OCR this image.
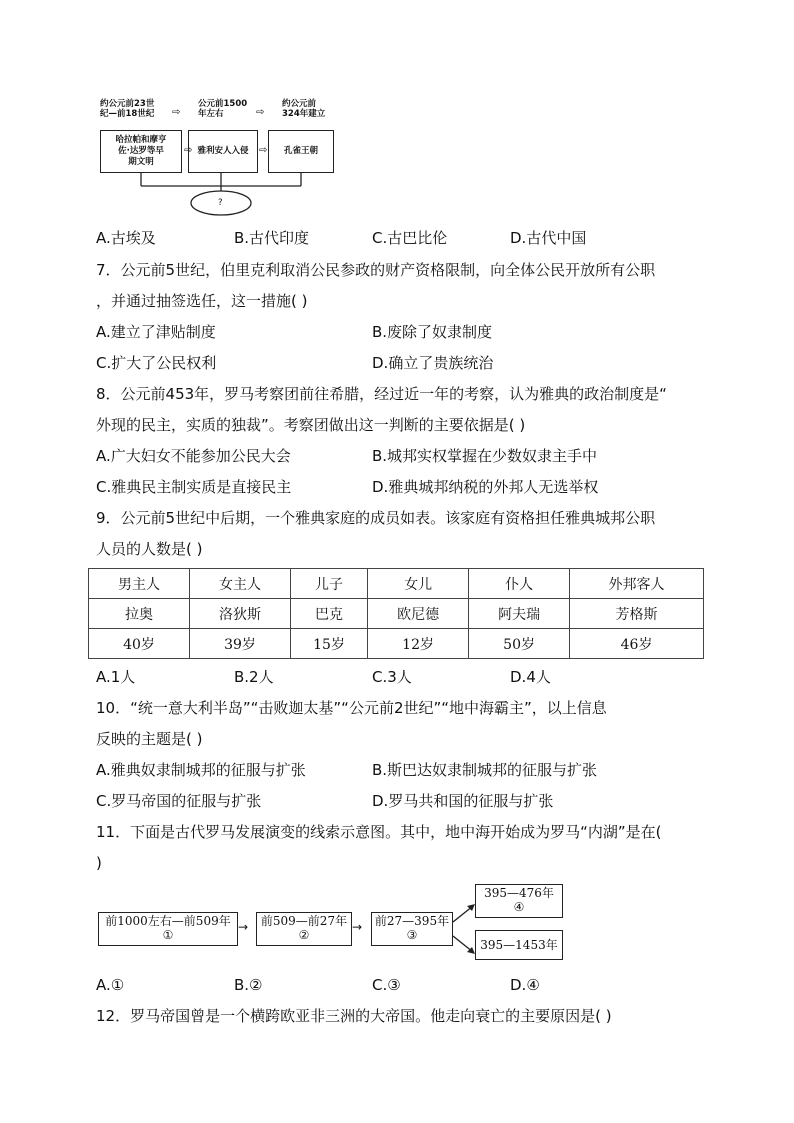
约公元前23世
纪—前18世纪 ⇨
公元前1500
年左右	⇨
约公元前
324年建立
哈拉帕和摩亨
佐·达罗等早
期文明
⇨ 雅利安人入侵	⇨	孔雀王朝
?
A.古埃及	B.古代印度	C.古巴比伦	D.古代中国
7．公元前5世纪，伯里克利取消公民参政的财产资格限制，向全体公民开放所有公职
，并通过抽签选任，这一措施( )
A.建立了津贴制度	B.废除了奴隶制度
C.扩大了公民权利	D.确立了贵族统治
8．公元前453年，罗马考察团前往希腊，经过近一年的考察，认为雅典的政治制度是“
外现的民主，实质的独裁”。考察团做出这一判断的主要依据是( )
A.广大妇女不能参加公民大会	B.城邦实权掌握在少数奴隶主手中
C.雅典民主制实质是直接民主	D.雅典城邦纳税的外邦人无选举权
9．公元前5世纪中后期，一个雅典家庭的成员如表。该家庭有资格担任雅典城邦公职
人员的人数是( )
男主人	女主人	儿子	女儿	仆人	外邦客人
拉奥	洛狄斯	巴克	欧尼德	阿夫瑞	芳格斯
40岁	39岁	15岁	12岁	50岁	46岁
A.1人	B.2人	C.3人	D.4人
10．“统一意大利半岛”“击败迦太基”“公元前2世纪”“地中海霸主”，以上信息
反映的主题是( )
A.雅典奴隶制城邦的征服与扩张	B.斯巴达奴隶制城邦的征服与扩张
C.罗马帝国的征服与扩张	D.罗马共和国的征服与扩张
11．下面是古代罗马发展演变的线索示意图。其中，地中海开始成为罗马“内湖”是在(
)
前1000左右—前509年
①
→	前509—前27年
②
→ 前27—395年
③
395—476年
④
395—1453年
A.①	B.②	C.③	D.④
12．罗马帝国曾是一个横跨欧亚非三洲的大帝国。他走向衰亡的主要原因是( )
